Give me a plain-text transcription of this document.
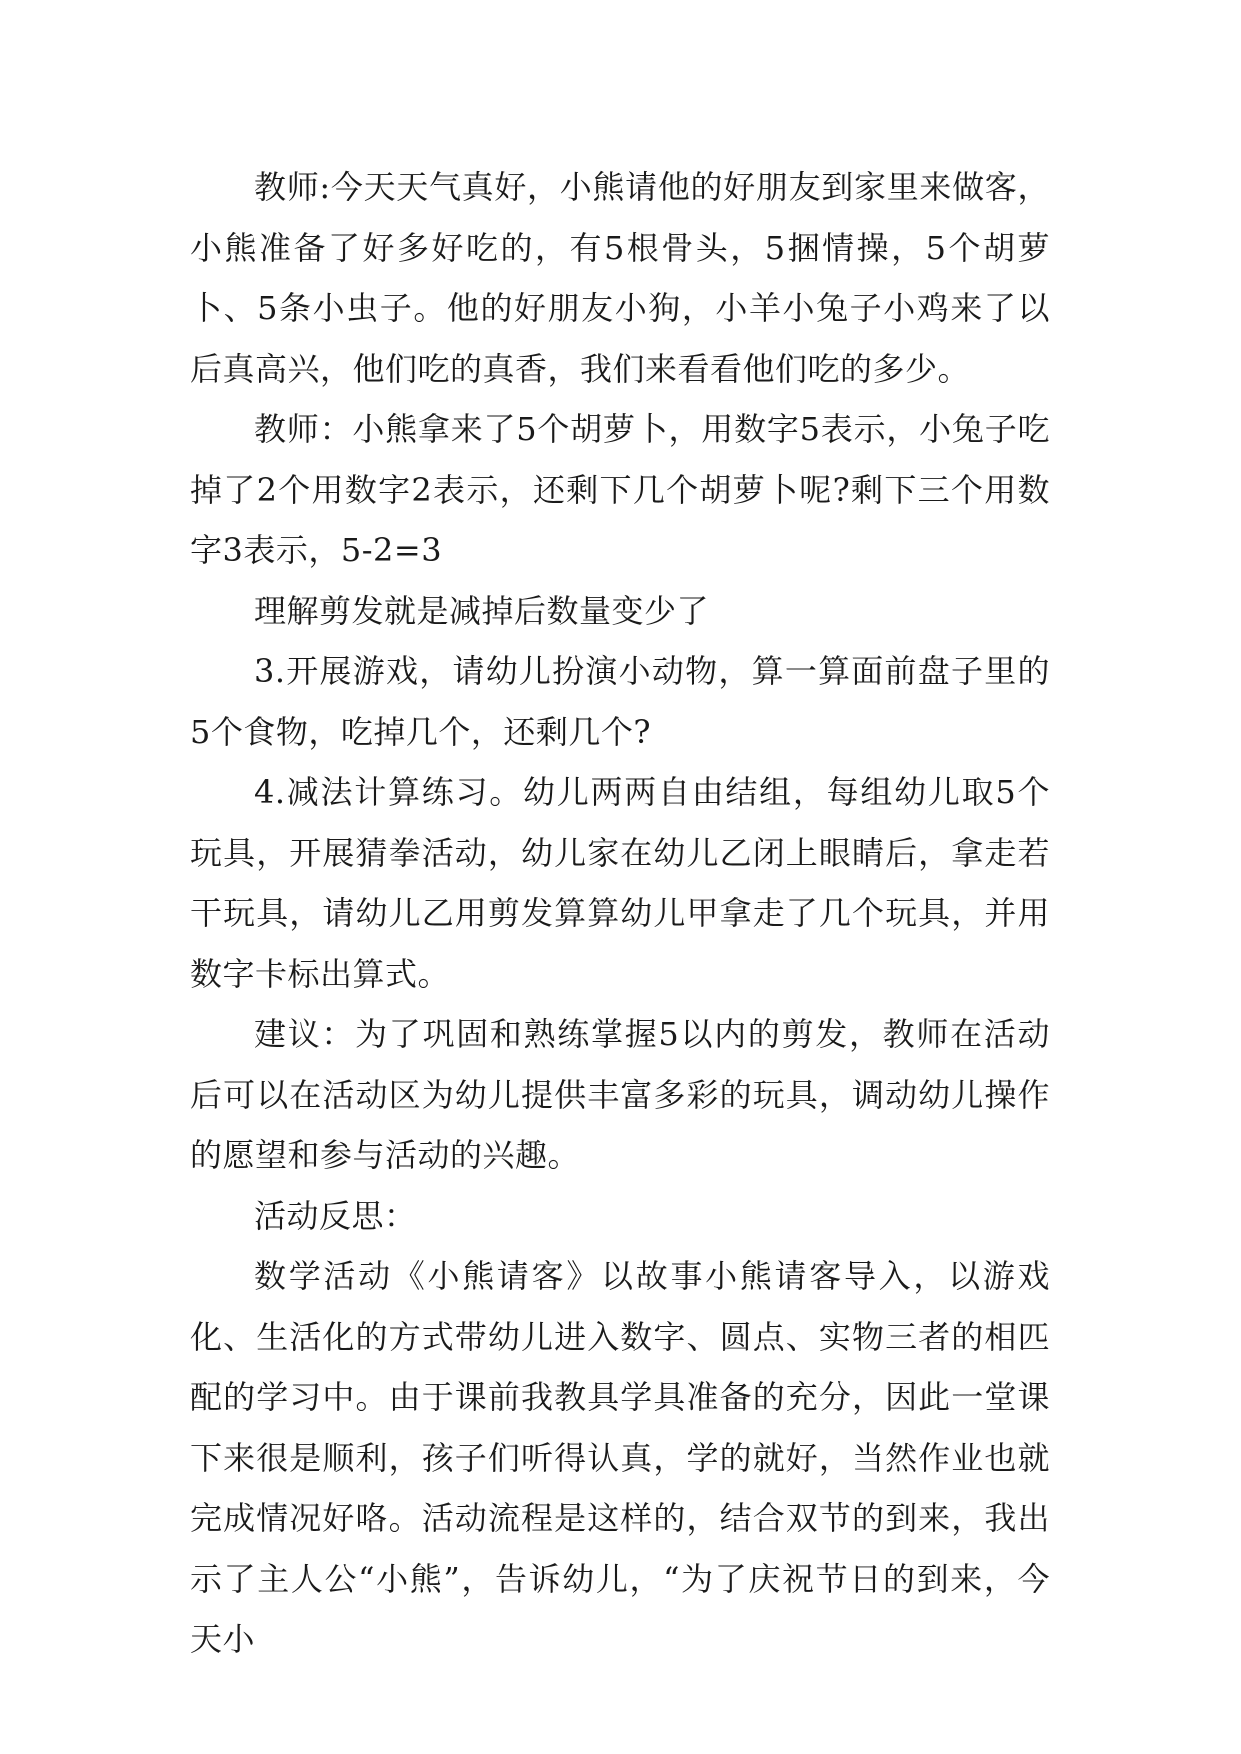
教师:今天天气真好，小熊请他的好朋友到家里来做客，小熊准备了好多好吃的，有5根骨头，5捆情操，5个胡萝卜、5条小虫子。他的好朋友小狗，小羊小兔子小鸡来了以后真高兴，他们吃的真香，我们来看看他们吃的多少。

教师：小熊拿来了5个胡萝卜，用数字5表示，小兔子吃掉了2个用数字2表示，还剩下几个胡萝卜呢?剩下三个用数字3表示，5-2=3

理解剪发就是减掉后数量变少了

3.开展游戏，请幼儿扮演小动物，算一算面前盘子里的5个食物，吃掉几个，还剩几个?

4.减法计算练习。幼儿两两自由结组，每组幼儿取5个玩具，开展猜拳活动，幼儿家在幼儿乙闭上眼睛后，拿走若干玩具，请幼儿乙用剪发算算幼儿甲拿走了几个玩具，并用数字卡标出算式。

建议：为了巩固和熟练掌握5以内的剪发，教师在活动后可以在活动区为幼儿提供丰富多彩的玩具，调动幼儿操作的愿望和参与活动的兴趣。

活动反思：

数学活动《小熊请客》以故事小熊请客导入，以游戏化、生活化的方式带幼儿进入数字、圆点、实物三者的相匹配的学习中。由于课前我教具学具准备的充分，因此一堂课下来很是顺利，孩子们听得认真，学的就好，当然作业也就完成情况好咯。活动流程是这样的，结合双节的到来，我出示了主人公“小熊”，告诉幼儿，“为了庆祝节日的到来，今天小
